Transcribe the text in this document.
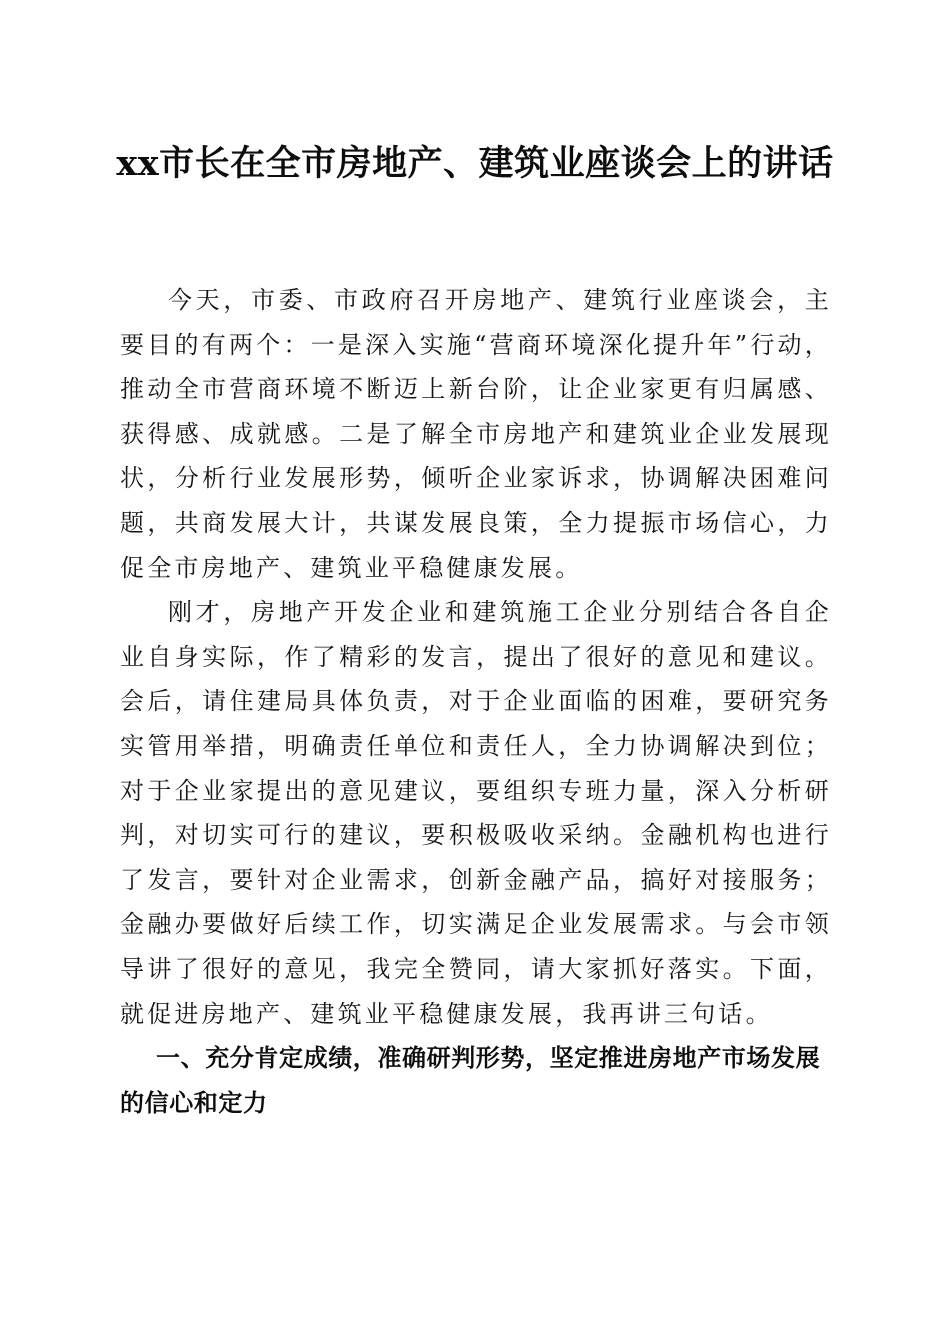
xx市长在全市房地产、建筑业座谈会上的讲话

今天，市委、市政府召开房地产、建筑行业座谈会，主要目的有两个：一是深入实施“营商环境深化提升年”行动，推动全市营商环境不断迈上新台阶，让企业家更有归属感、获得感、成就感。二是了解全市房地产和建筑业企业发展现状，分析行业发展形势，倾听企业家诉求，协调解决困难问题，共商发展大计，共谋发展良策，全力提振市场信心，力促全市房地产、建筑业平稳健康发展。

刚才，房地产开发企业和建筑施工企业分别结合各自企业自身实际，作了精彩的发言，提出了很好的意见和建议。会后，请住建局具体负责，对于企业面临的困难，要研究务实管用举措，明确责任单位和责任人，全力协调解决到位；对于企业家提出的意见建议，要组织专班力量，深入分析研判，对切实可行的建议，要积极吸收采纳。金融机构也进行了发言，要针对企业需求，创新金融产品，搞好对接服务；金融办要做好后续工作，切实满足企业发展需求。与会市领导讲了很好的意见，我完全赞同，请大家抓好落实。下面，就促进房地产、建筑业平稳健康发展，我再讲三句话。

一、充分肯定成绩，准确研判形势，坚定推进房地产市场发展的信心和定力
